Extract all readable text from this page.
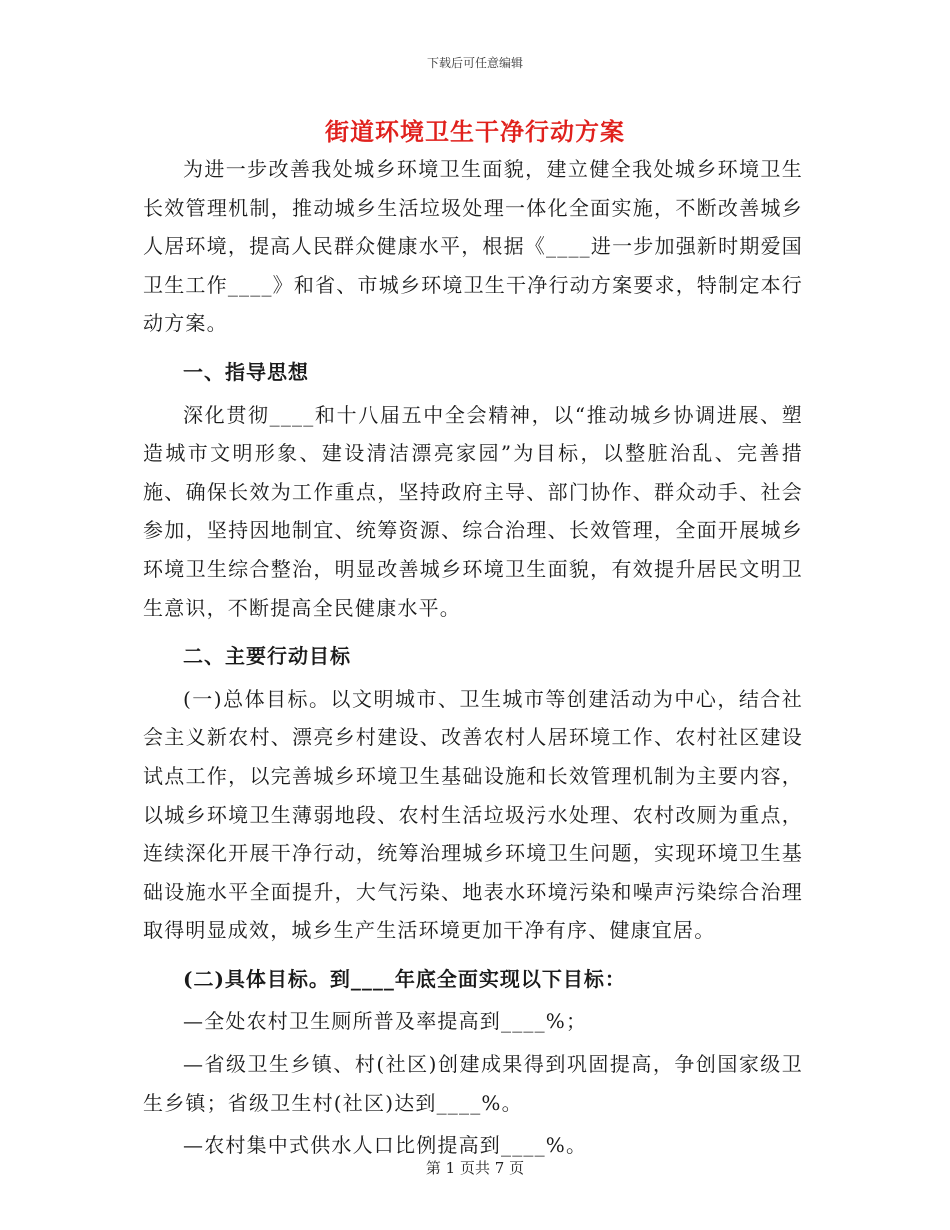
下载后可任意编辑
街道环境卫生干净行动方案

为进一步改善我处城乡环境卫生面貌，建立健全我处城乡环境卫生长效管理机制，推动城乡生活垃圾处理一体化全面实施，不断改善城乡人居环境，提高人民群众健康水平，根据《____进一步加强新时期爱国卫生工作____》和省、市城乡环境卫生干净行动方案要求，特制定本行动方案。

一、指导思想

深化贯彻____和十八届五中全会精神，以“推动城乡协调进展、塑造城市文明形象、建设清洁漂亮家园”为目标，以整脏治乱、完善措施、确保长效为工作重点，坚持政府主导、部门协作、群众动手、社会参加，坚持因地制宜、统筹资源、综合治理、长效管理，全面开展城乡环境卫生综合整治，明显改善城乡环境卫生面貌，有效提升居民文明卫生意识，不断提高全民健康水平。

二、主要行动目标

(一)总体目标。以文明城市、卫生城市等创建活动为中心，结合社会主义新农村、漂亮乡村建设、改善农村人居环境工作、农村社区建设试点工作，以完善城乡环境卫生基础设施和长效管理机制为主要内容，以城乡环境卫生薄弱地段、农村生活垃圾污水处理、农村改厕为重点，连续深化开展干净行动，统筹治理城乡环境卫生问题，实现环境卫生基础设施水平全面提升，大气污染、地表水环境污染和噪声污染综合治理取得明显成效，城乡生产生活环境更加干净有序、健康宜居。

(二)具体目标。到____年底全面实现以下目标：

—全处农村卫生厕所普及率提高到____%；

—省级卫生乡镇、村(社区)创建成果得到巩固提高，争创国家级卫生乡镇；省级卫生村(社区)达到____%。

—农村集中式供水人口比例提高到____%。

第 1 页共 7 页
